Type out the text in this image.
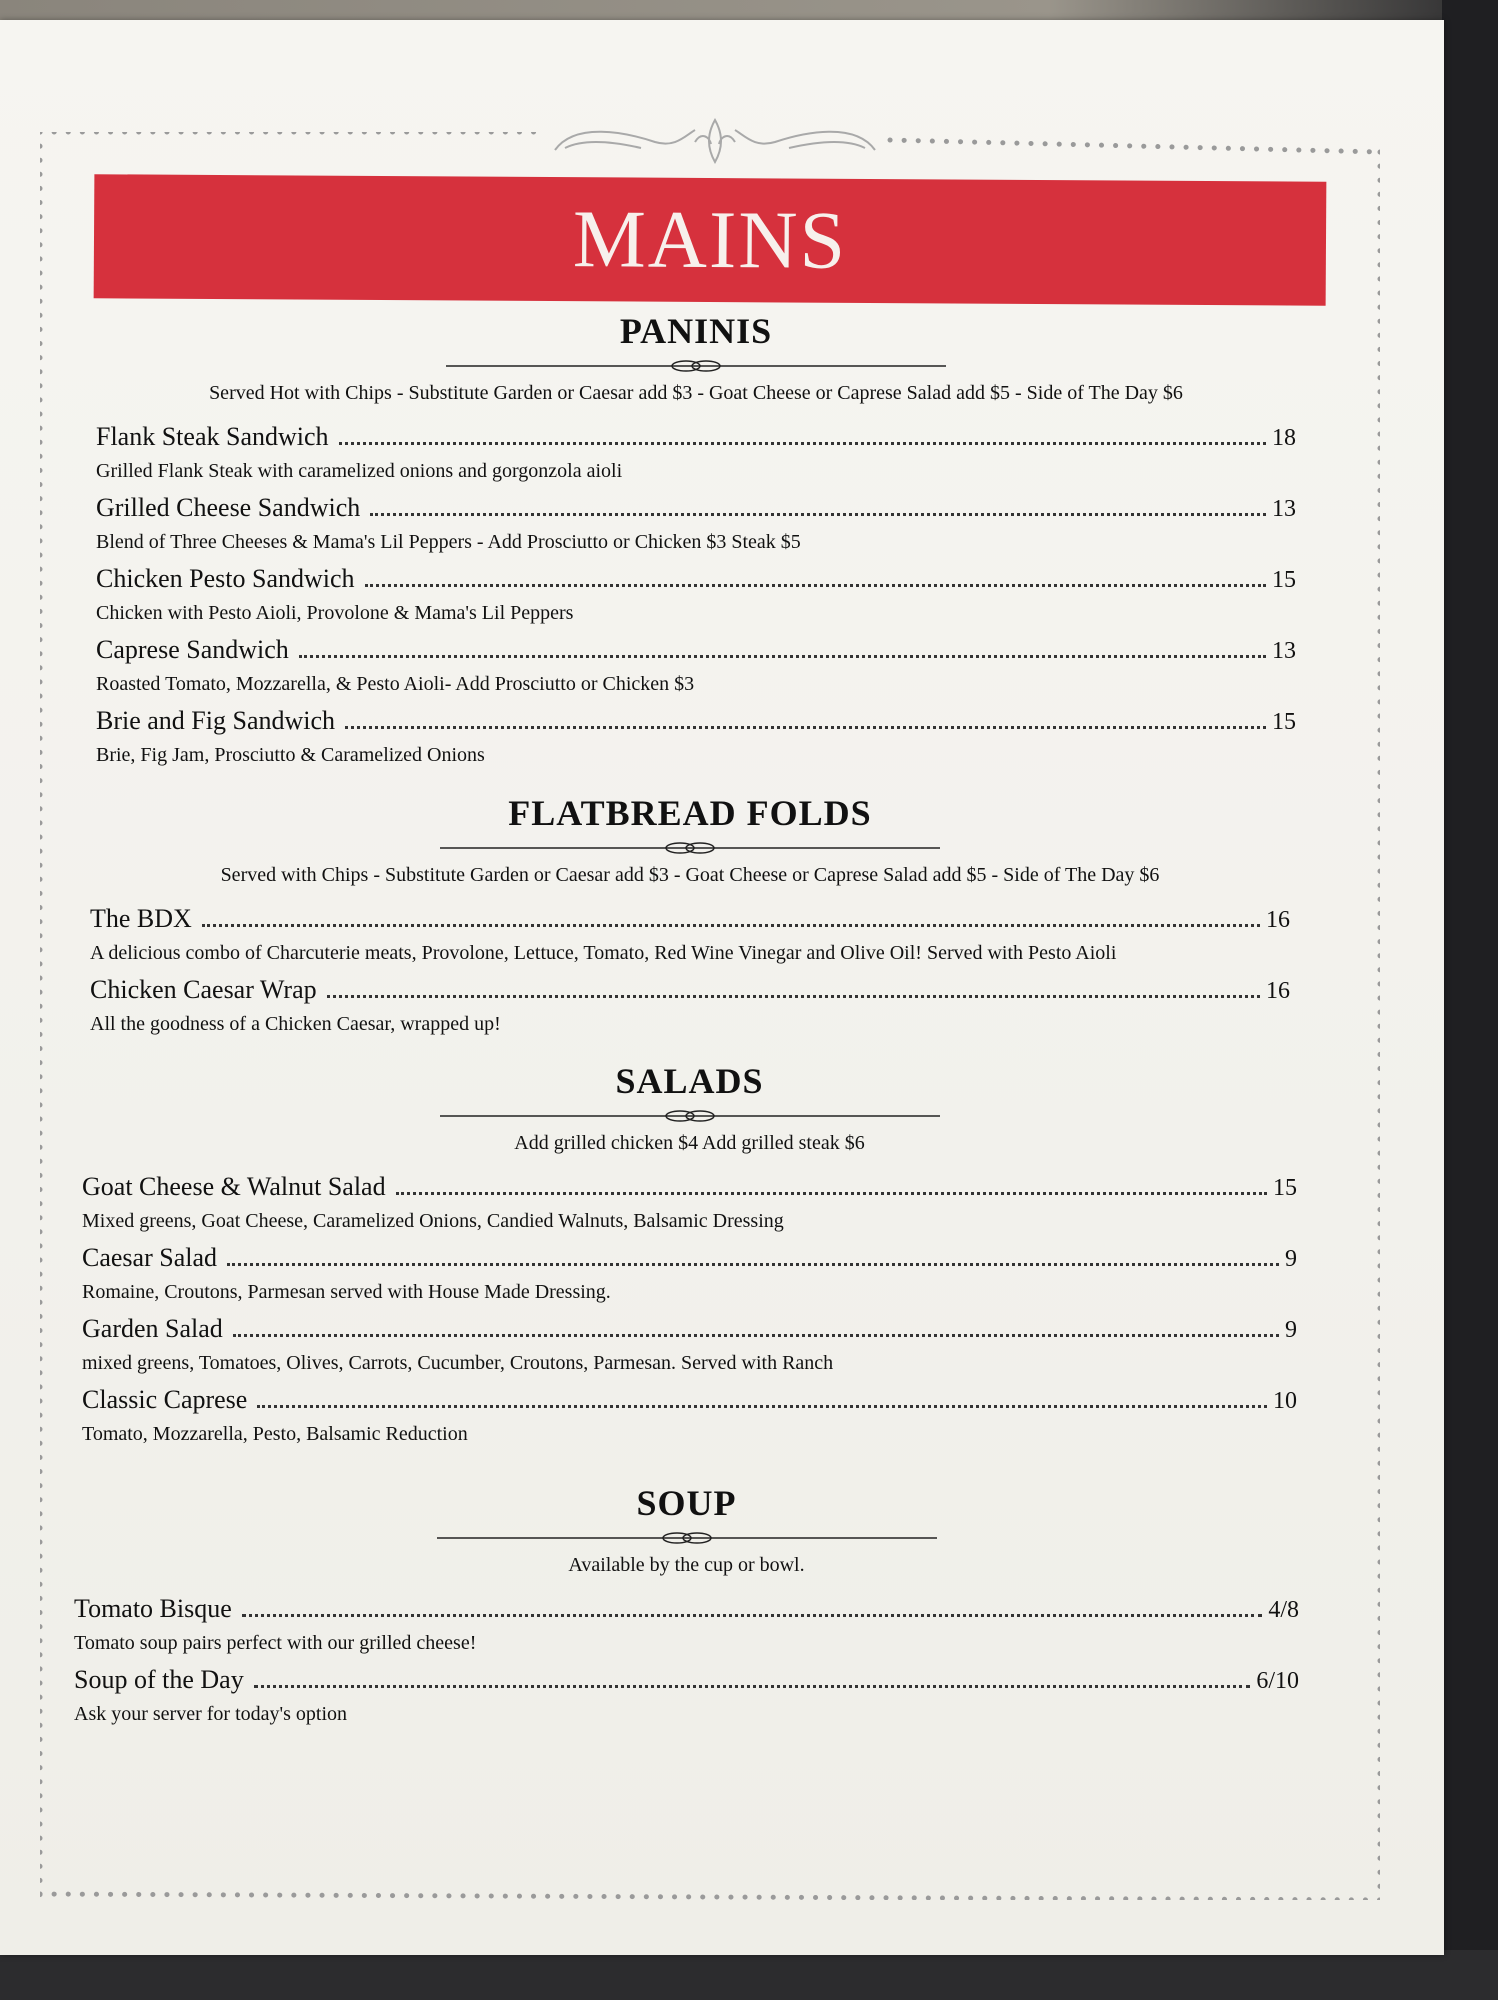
MAINS
PANINIS

Served Hot with Chips - Substitute Garden or Caesar add $3 - Goat Cheese or Caprese Salad add $5 - Side of The Day $6

Flank Steak Sandwich	18
Grilled Flank Steak with caramelized onions and gorgonzola aioli
Grilled Cheese Sandwich	13
Blend of Three Cheeses & Mama's Lil Peppers - Add Prosciutto or Chicken $3 Steak $5
Chicken Pesto Sandwich	15
Chicken with Pesto Aioli, Provolone & Mama's Lil Peppers
Caprese Sandwich	13
Roasted Tomato, Mozzarella, & Pesto Aioli- Add Prosciutto or Chicken $3
Brie and Fig Sandwich	15
Brie, Fig Jam, Prosciutto & Caramelized Onions
FLATBREAD FOLDS

Served with Chips - Substitute Garden or Caesar add $3 - Goat Cheese or Caprese Salad add $5 - Side of The Day $6

The BDX	16
A delicious combo of Charcuterie meats, Provolone, Lettuce, Tomato, Red Wine Vinegar and Olive Oil! Served with Pesto Aioli
Chicken Caesar Wrap	16
All the goodness of a Chicken Caesar, wrapped up!
SALADS

Add grilled chicken $4 Add grilled steak $6

Goat Cheese & Walnut Salad	15
Mixed greens, Goat Cheese, Caramelized Onions, Candied Walnuts, Balsamic Dressing
Caesar Salad	9
Romaine, Croutons, Parmesan served with House Made Dressing.
Garden Salad	9
mixed greens, Tomatoes, Olives, Carrots, Cucumber, Croutons, Parmesan. Served with Ranch
Classic Caprese	10
Tomato, Mozzarella, Pesto, Balsamic Reduction
SOUP

Available by the cup or bowl.

Tomato Bisque	4/8
Tomato soup pairs perfect with our grilled cheese!
Soup of the Day	6/10
Ask your server for today's option
